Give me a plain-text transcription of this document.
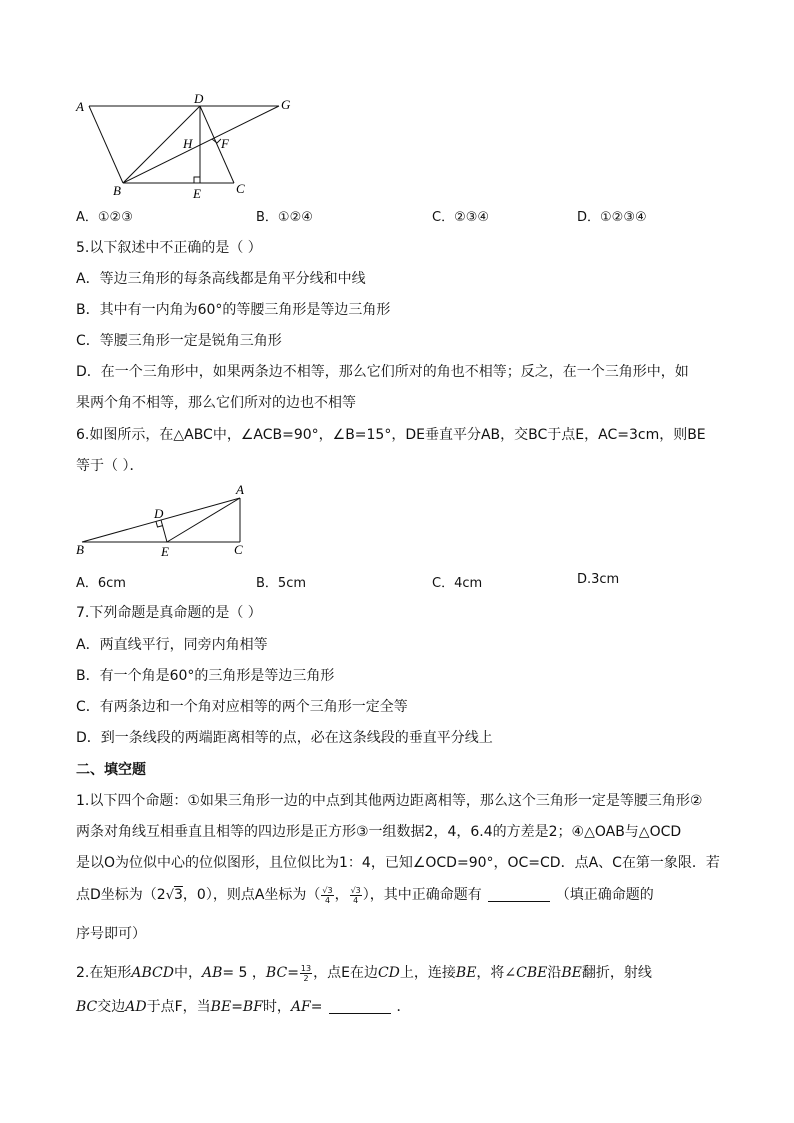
A
D	G
H F
B	E	C
A．①②③	B．①②④	C．②③④	D．①②③④
5.以下叙述中不正确的是（ ）
A．等边三角形的每条高线都是角平分线和中线
B．其中有一内角为60°的等腰三角形是等边三角形
C．等腰三角形一定是锐角三角形
D．在一个三角形中，如果两条边不相等，那么它们所对的角也不相等；反之，在一个三角形中，如
果两个角不相等，那么它们所对的边也不相等
6.如图所示，在△ABC中，∠ACB=90°，∠B=15°，DE垂直平分AB，交BC于点E，AC=3cm，则BE
等于（ ）．
A
D
B	E	C
A．6cm	B．5cm	C．4cm	D.3cm
7.下列命题是真命题的是（ ）
A．两直线平行，同旁内角相等
B．有一个角是60°的三角形是等边三角形
C．有两条边和一个角对应相等的两个三角形一定全等
D．到一条线段的两端距离相等的点，必在这条线段的垂直平分线上
二、填空题
1.以下四个命题：①如果三角形一边的中点到其他两边距离相等，那么这个三角形一定是等腰三角形②
两条对角线互相垂直且相等的四边形是正方形③一组数据2，4，6.4的方差是2；④△OAB与△OCD
是以O为位似中心的位似图形，且位似比为1：4，已知∠OCD=90°，OC=CD．点A、C在第一象限．若
点D坐标为（2√3，0），则点A坐标为（ $\frac{√3}{4}$ ， $\frac{√3}{4}$ ），其中正确命题有	（填正确命题的
序号即可）
2.在矩形ABCD中，AB= 5 ，$BC= \frac{13}{2}$ ，点E在边CD上，连接BE，将∠CBE沿BE翻折，射线
BC交边AD于点F，当BE=BF时，AF=	．
